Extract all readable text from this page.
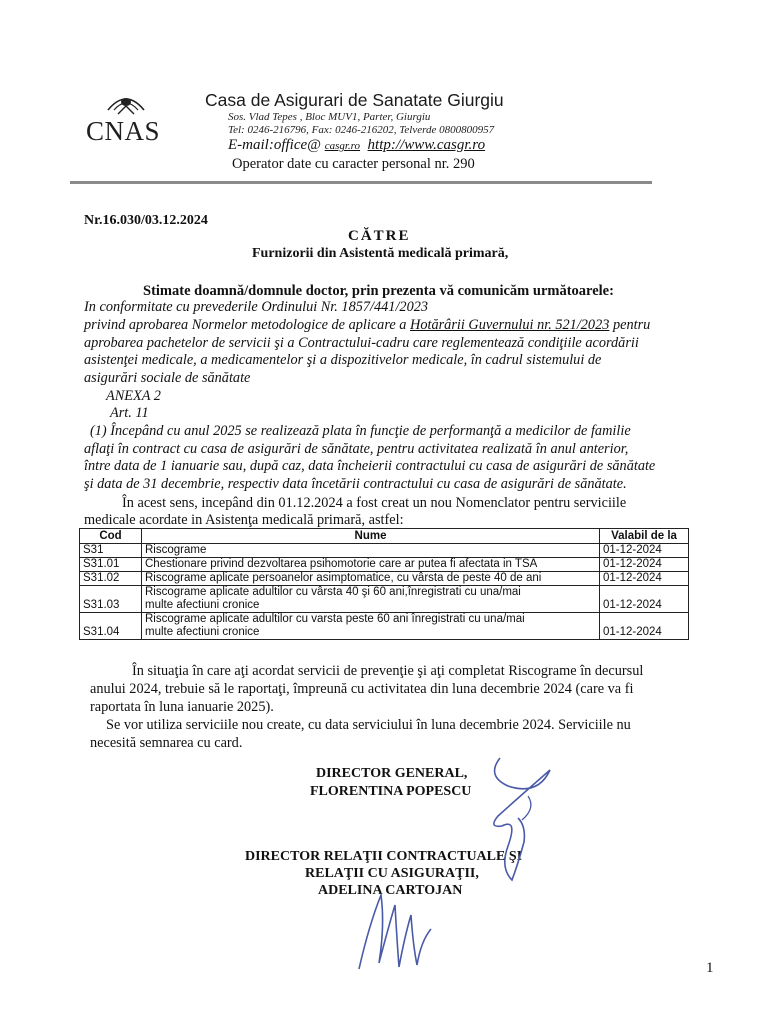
CNAS
Casa de Asigurari de Sanatate Giurgiu
Sos. Vlad Tepes , Bloc MUV1, Parter, Giurgiu
Tel: 0246-216796, Fax: 0246-216202, Telverde 0800800957
E-mail:office@ casgr.ro http://www.casgr.ro
Operator date cu caracter personal nr. 290
Nr.16.030/03.12.2024
CĂTRE
Furnizorii din Asistentă medicală primară,
Stimate doamnă/domnule doctor, prin prezenta vă comunicăm următoarele:
In conformitate cu prevederile Ordinului Nr. 1857/441/2023
privind aprobarea Normelor metodologice de aplicare a Hotărârii Guvernului nr. 521/2023 pentru
aprobarea pachetelor de servicii şi a Contractului-cadru care reglementează condiţiile acordării
asistenţei medicale, a medicamentelor şi a dispozitivelor medicale, în cadrul sistemului de
asigurări sociale de sănătate
ANEXA 2
Art. 11
(1) Începând cu anul 2025 se realizează plata în funcţie de performanţă a medicilor de familie
aflaţi în contract cu casa de asigurări de sănătate, pentru activitatea realizată în anul anterior,
între data de 1 ianuarie sau, după caz, data încheierii contractului cu casa de asigurări de sănătate
şi data de 31 decembrie, respectiv data încetării contractului cu casa de asigurări de sănătate.
În acest sens, incepând din 01.12.2024 a fost creat un nou Nomenclator pentru serviciile
medicale acordate in Asistenţa medicală primară, astfel:
Cod	Nume	Valabil de la
S31	Riscograme	01-12-2024
S31.01	Chestionare privind dezvoltarea psihomotorie care ar putea fi afectata in TSA	01-12-2024
S31.02	Riscograme aplicate persoanelor asimptomatice, cu vârsta de peste 40 de ani	01-12-2024
S31.03	Riscograme aplicate adultilor cu vârsta 40 şi 60 ani,înregistrati cu una/mai
multe afectiuni cronice	01-12-2024
S31.04	Riscograme aplicate adultilor cu varsta peste 60 ani înregistrati cu una/mai
multe afectiuni cronice	01-12-2024
În situaţia în care aţi acordat servicii de prevenţie şi aţi completat Riscograme în decursul
anului 2024, trebuie să le raportaţi, împreună cu activitatea din luna decembrie 2024 (care va fi
raportata în luna ianuarie 2025).
Se vor utiliza serviciile nou create, cu data serviciului în luna decembrie 2024. Serviciile nu
necesită semnarea cu card.
DIRECTOR GENERAL,
FLORENTINA POPESCU
DIRECTOR RELAŢII CONTRACTUALE ŞI
RELAŢII CU ASIGURAŢII,
ADELINA CARTOJAN
1
